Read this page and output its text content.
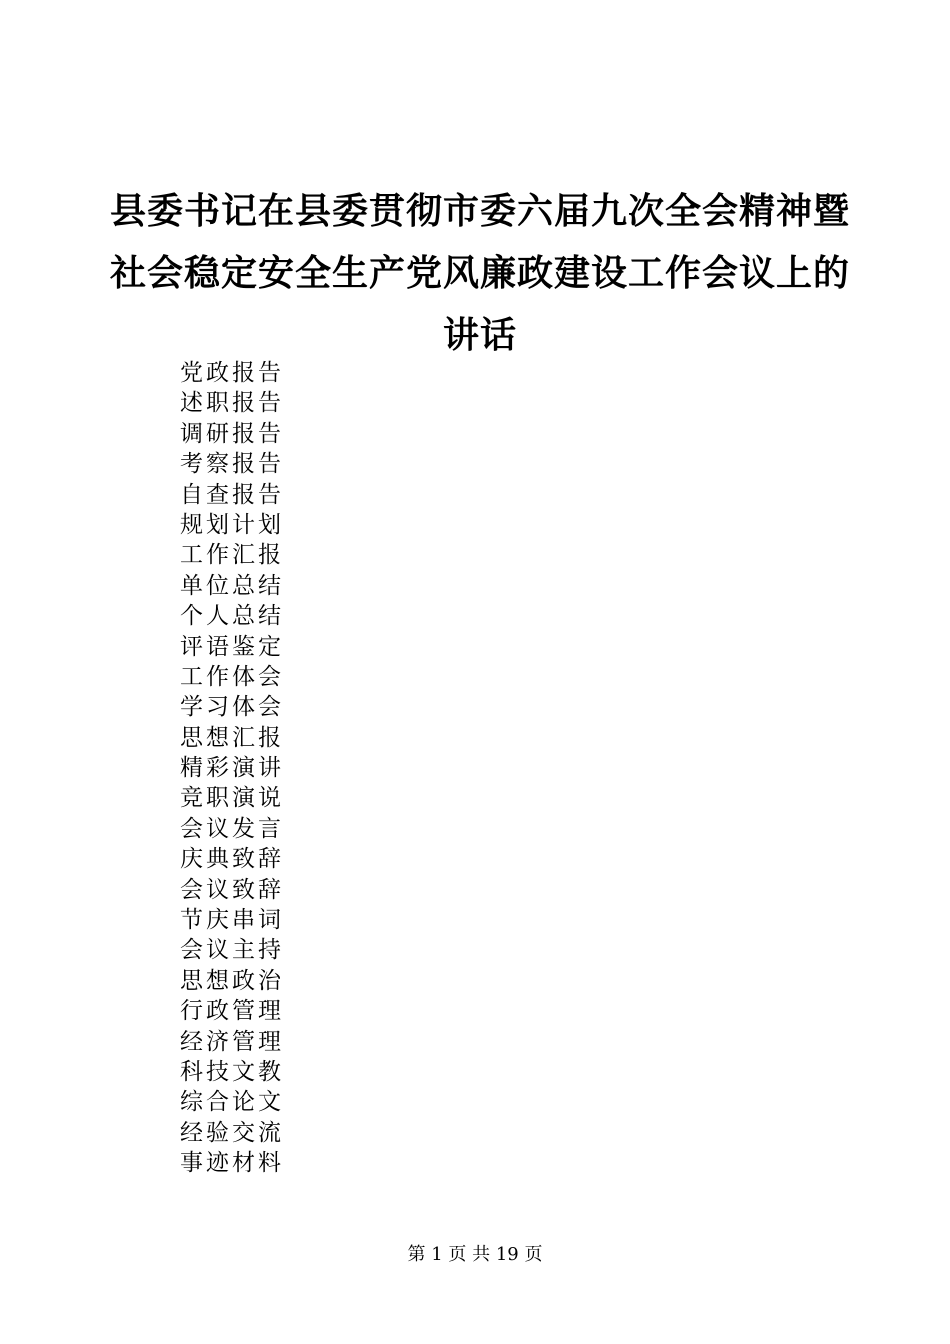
县委书记在县委贯彻市委六届九次全会精神暨
社会稳定安全生产党风廉政建设工作会议上的
讲话
党政报告
述职报告
调研报告
考察报告
自查报告
规划计划
工作汇报
单位总结
个人总结
评语鉴定
工作体会
学习体会
思想汇报
精彩演讲
竞职演说
会议发言
庆典致辞
会议致辞
节庆串词
会议主持
思想政治
行政管理
经济管理
科技文教
综合论文
经验交流
事迹材料
第 1 页 共 19 页
